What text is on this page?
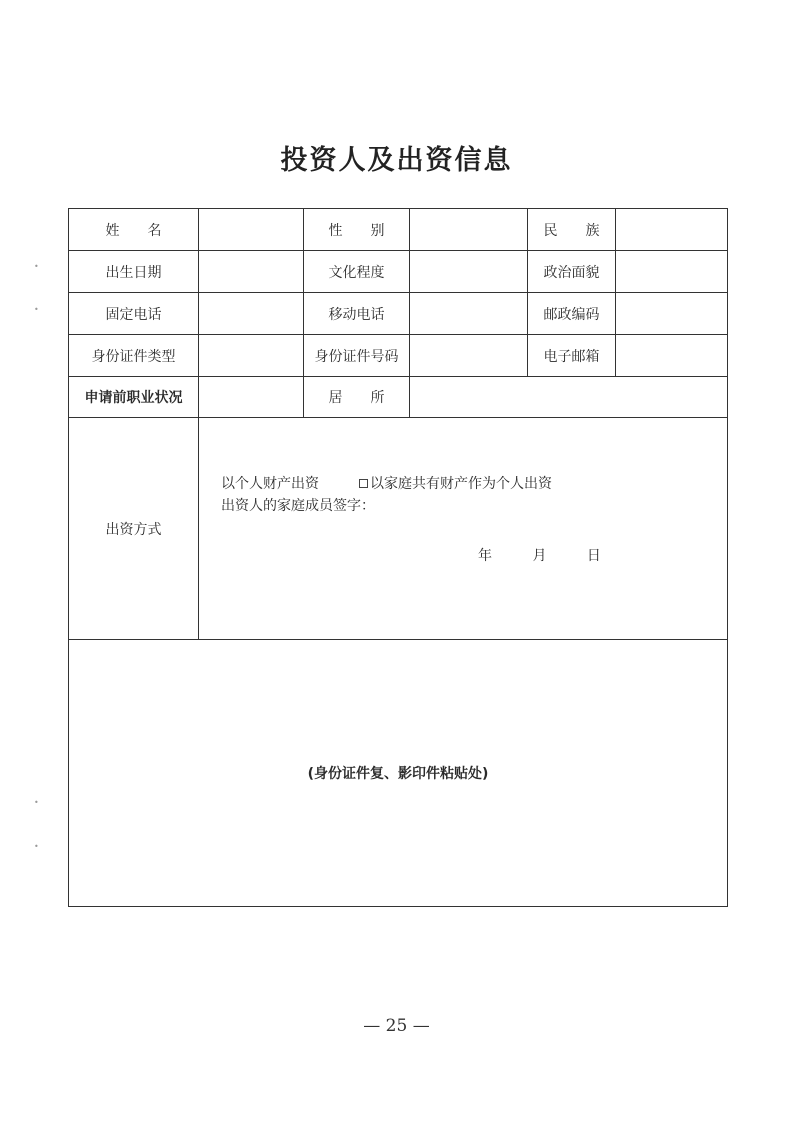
投资人及出资信息
姓　　名		性　　别		民　　族	
出生日期		文化程度		政治面貌	
固定电话		移动电话		邮政编码	
身份证件类型		身份证件号码		电子邮箱	
申请前职业状况		居　　所			
出资方式	以个人财产出资 以家庭共有财产作为个人出资
出资人的家庭成员签字：
年 月 日				

(身份证件复、影印件粘贴处)					
— 25 —
•
•
•
•
